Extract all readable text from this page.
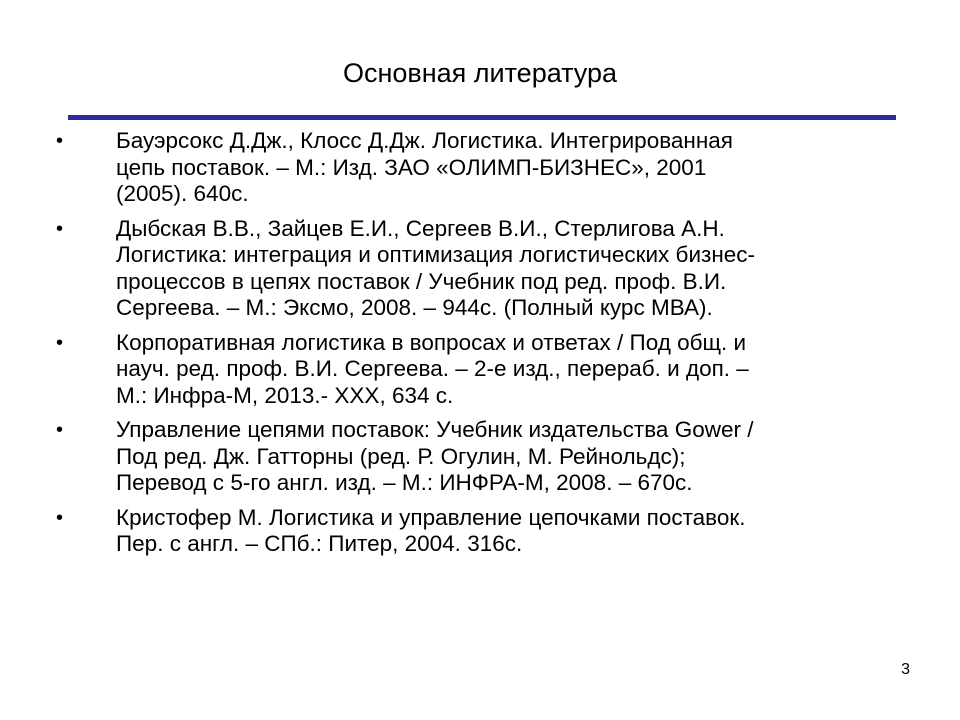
Основная литература
•	Бауэрсокс Д.Дж., Клосс Д.Дж. Логистика. Интегрированная
цепь поставок. – М.: Изд. ЗАО «ОЛИМП-БИЗНЕС», 2001
(2005). 640с.
•	Дыбская В.В., Зайцев Е.И., Сергеев В.И., Стерлигова А.Н.
Логистика: интеграция и оптимизация логистических бизнес-
процессов в цепях поставок / Учебник под ред. проф. В.И.
Сергеева. – М.: Эксмо, 2008. – 944с. (Полный курс МВА).
•	Корпоративная логистика в вопросах и ответах / Под общ. и
науч. ред. проф. В.И. Сергеева. – 2-е изд., перераб. и доп. –
М.: Инфра-М, 2013.- XXX, 634 с.
•	Управление цепями поставок: Учебник издательства Gower /
Под ред. Дж. Гатторны (ред. Р. Огулин, М. Рейнольдс);
Перевод с 5-го англ. изд. – М.: ИНФРА-М, 2008. – 670с.
•	Кристофер М. Логистика и управление цепочками поставок.
Пер. с англ. – СПб.: Питер, 2004. 316с.
3
